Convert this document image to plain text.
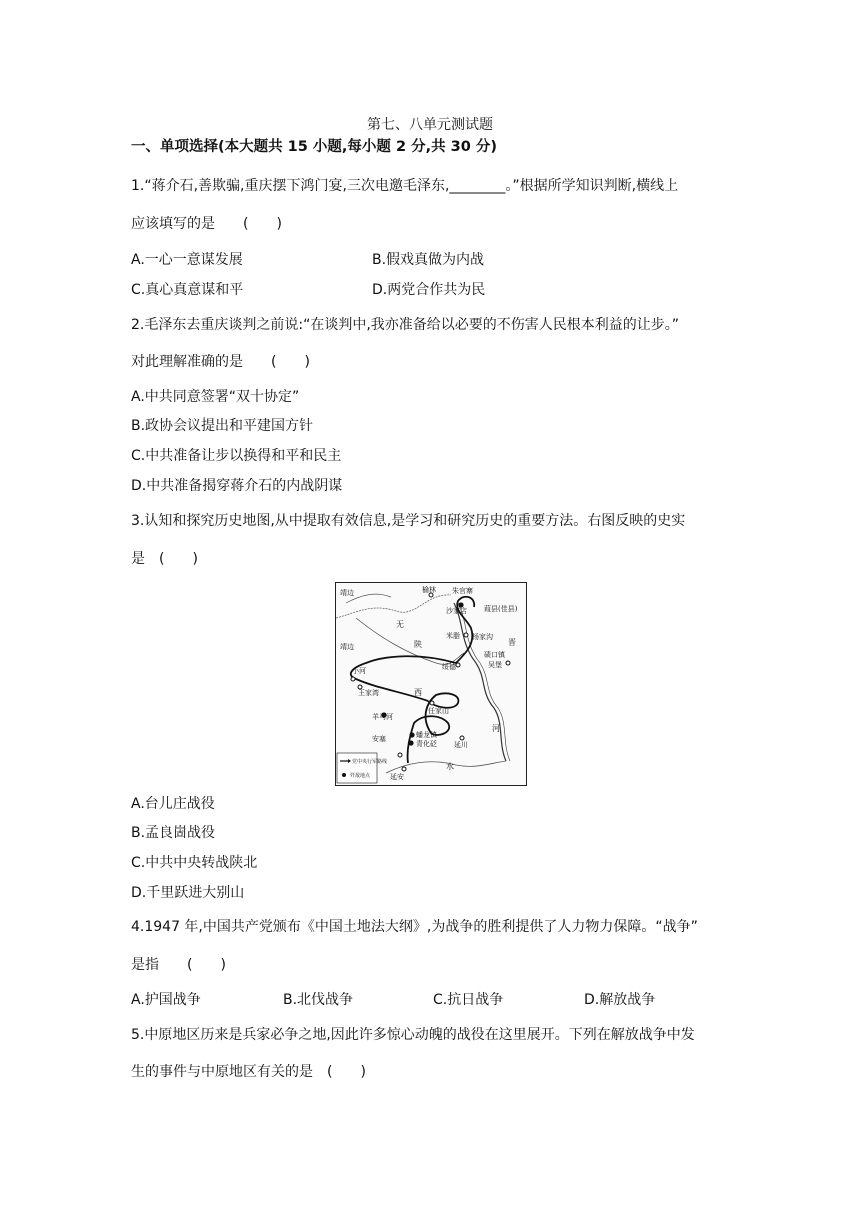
第七、八单元测试题
一、单项选择(本大题共 15 小题,每小题 2 分,共 30 分)
1.“蒋介石,善欺骗,重庆摆下鸿门宴,三次电邀毛泽东,________。”根据所学知识判断,横线上
应该填写的是　　(　　)
A.一心一意谋发展	B.假戏真做为内战
C.真心真意谋和平	D.两党合作共为民
2.毛泽东去重庆谈判之前说:“在谈判中,我亦准备给以必要的不伤害人民根本利益的让步。”
对此理解准确的是　　(　　)
A.中共同意签署“双十协定”
B.政协会议提出和平建国方针
C.中共准备让步以换得和平和民主
D.中共准备揭穿蒋介石的内战阴谋
3.认知和探究历史地图,从中提取有效信息,是学习和研究历史的重要方法。右图反映的史实
是　(　　)
靖边	榆林 朱官寨
沙家店 葭县(佳县)
无
陕
米脂 杨家沟
晋
靖边
小河
王家湾
绥德	吴堡
碛口镇
西
河
羊马河
任家山
安塞	蟠龙镇
青化砭 延川
水
延安
党中央行军路线
歼敌地点
A.台儿庄战役
B.孟良崮战役
C.中共中央转战陕北
D.千里跃进大别山
4.1947 年,中国共产党颁布《中国土地法大纲》,为战争的胜利提供了人力物力保障。“战争”
是指　　(　　)
A.护国战争	B.北伐战争	C.抗日战争	D.解放战争
5.中原地区历来是兵家必争之地,因此许多惊心动魄的战役在这里展开。下列在解放战争中发
生的事件与中原地区有关的是　(　　)
